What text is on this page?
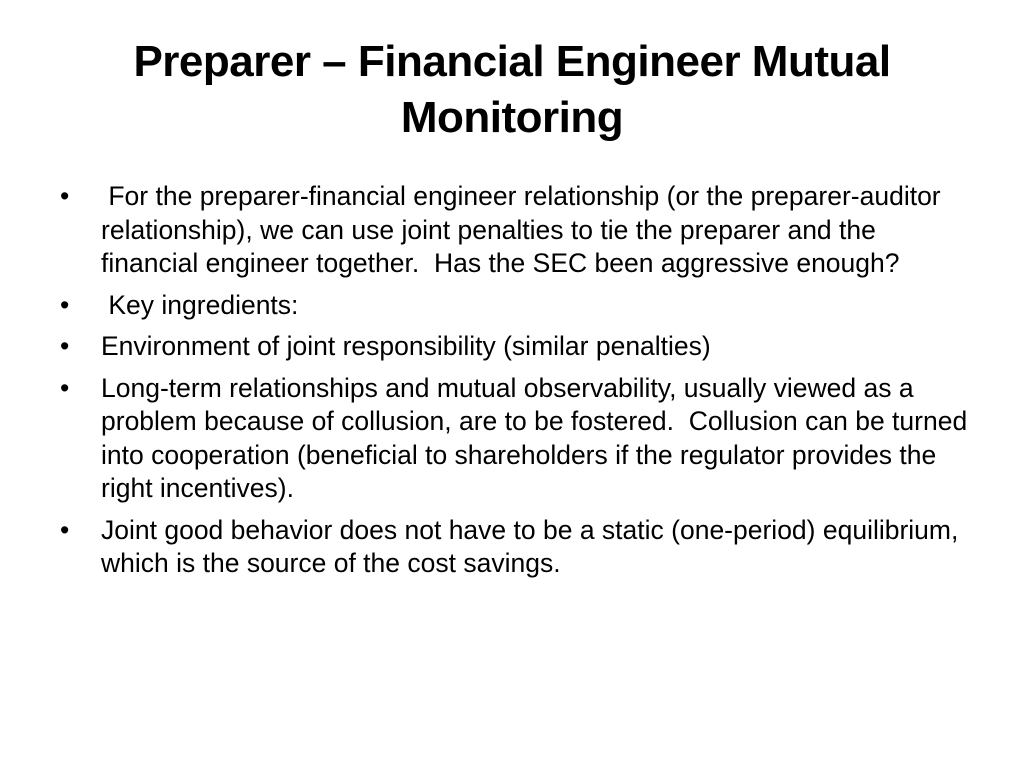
Preparer – Financial Engineer Mutual Monitoring
•	For the preparer-financial engineer relationship (or the preparer-auditor relationship), we can use joint penalties to tie the preparer and the financial engineer together.  Has the SEC been aggressive enough?
•	Key ingredients:
•	Environment of joint responsibility (similar penalties)
•	Long-term relationships and mutual observability, usually viewed as a problem because of collusion, are to be fostered.  Collusion can be turned into cooperation (beneficial to shareholders if the regulator provides the right incentives).
•	Joint good behavior does not have to be a static (one-period) equilibrium, which is the source of the cost savings.
